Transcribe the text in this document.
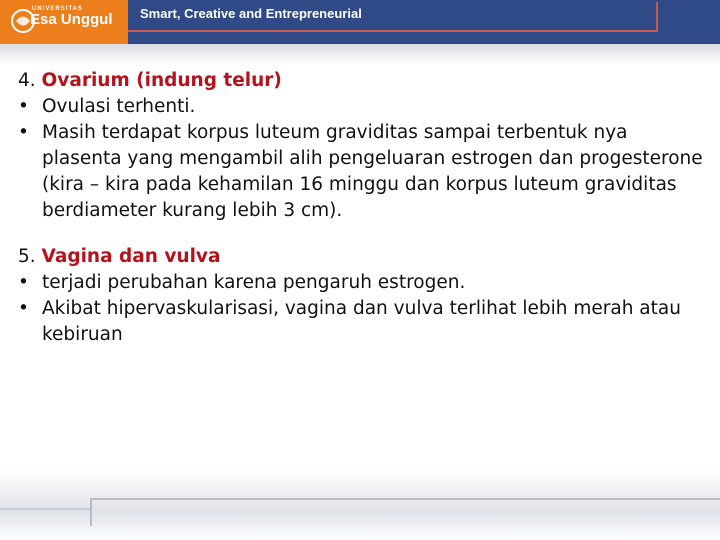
UNIVERSITAS
Esa Unggul Smart, Creative and Entrepreneurial

4. Ovarium (indung telur)

• Ovulasi terhenti.
• Masih terdapat korpus luteum graviditas sampai terbentuk nya plasenta yang mengambil alih pengeluaran estrogen dan progesterone (kira – kira pada kehamilan 16 minggu dan korpus luteum graviditas berdiameter kurang lebih 3 cm).

5. Vagina dan vulva

• terjadi perubahan karena pengaruh estrogen.
• Akibat hipervaskularisasi, vagina dan vulva terlihat lebih merah atau kebiruan
